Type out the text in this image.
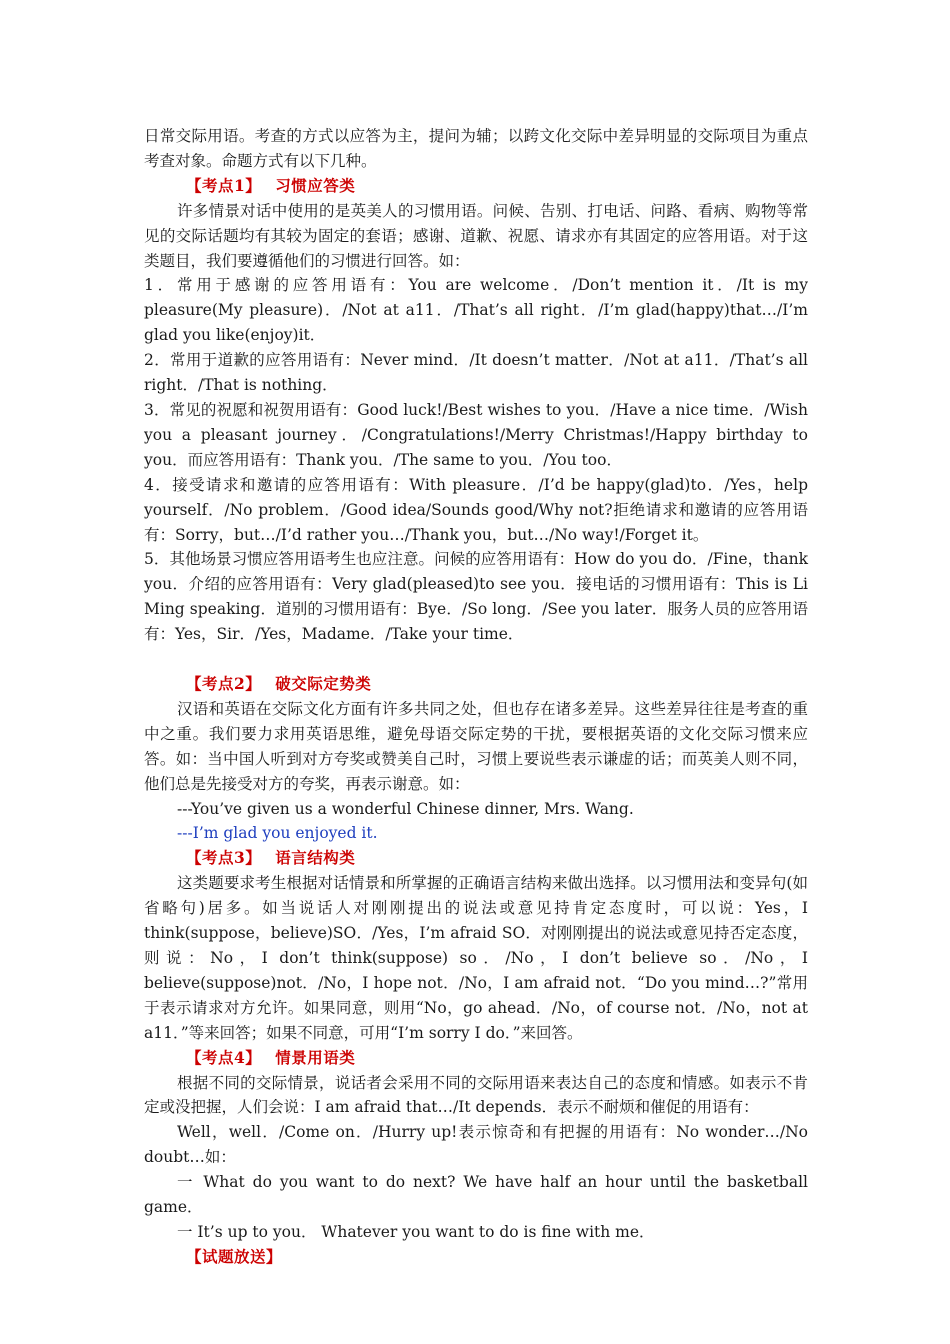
日常交际用语。考查的方式以应答为主，提问为辅；以跨文化交际中差异明显的交际项目为重点考查对象。命题方式有以下几种。

【考点1】 习惯应答类

许多情景对话中使用的是英美人的习惯用语。问候、告别、打电话、问路、看病、购物等常见的交际话题均有其较为固定的套语；感谢、道歉、祝愿、请求亦有其固定的应答用语。对于这类题目，我们要遵循他们的习惯进行回答。如：

1．常用于感谢的应答用语有：You are welcome．/Don’t mention it．/It is my pleasure(My pleasure)．/Not at a11．/That’s all right．/I’m glad(happy)that…/I’m glad you like(enjoy)it．

2．常用于道歉的应答用语有：Never mind．/It doesn’t matter．/Not at a11．/That’s all right．/That is nothing．

3．常见的祝愿和祝贺用语有：Good luck!/Best wishes to you．/Have a nice time．/Wish you a pleasant journey．/Congratulations!/Merry Christmas!/Happy birthday to you．而应答用语有：Thank you．/The same to you．/You too．

4．接受请求和邀请的应答用语有：With pleasure．/I’d be happy(glad)to．/Yes，help yourself．/No problem．/Good idea/Sounds good/Why not?拒绝请求和邀请的应答用语有：Sorry，but…/I’d rather you…/Thank you，but…/No way!/Forget it。

5．其他场景习惯应答用语考生也应注意。问候的应答用语有：How do you do．/Fine，thank you．介绍的应答用语有：Very glad(pleased)to see you．接电话的习惯用语有：This is Li Ming speaking．道别的习惯用语有：Bye．/So long．/See you later．服务人员的应答用语有：Yes，Sir．/Yes，Madame．/Take your time．

【考点2】 破交际定势类

汉语和英语在交际文化方面有许多共同之处，但也存在诸多差异。这些差异往往是考查的重中之重。我们要力求用英语思维，避免母语交际定势的干扰，要根据英语的文化交际习惯来应答。如：当中国人听到对方夸奖或赞美自己时，习惯上要说些表示谦虚的话；而英美人则不同，他们总是先接受对方的夸奖，再表示谢意。如：

---You’ve given us a wonderful Chinese dinner, Mrs. Wang.

---I’m glad you enjoyed it.

【考点3】 语言结构类

这类题要求考生根据对话情景和所掌握的正确语言结构来做出选择。以习惯用法和变异句(如省略句)居多。如当说话人对刚刚提出的说法或意见持肯定态度时，可以说：Yes，I think(suppose，believe)SO．/Yes，I’m afraid SO．对刚刚提出的说法或意见持否定态度，则说：No，I don’t think(suppose) so．/No，I don’t believe so．/No，I believe(suppose)not．/No，I hope not．/No，I am afraid not．“Do you mind…?”常用于表示请求对方允许。如果同意，则用“No，go ahead．/No，of course not．/No，not at a11．”等来回答；如果不同意，可用“I’m sorry I do．”来回答。

【考点4】 情景用语类

根据不同的交际情景，说话者会采用不同的交际用语来表达自己的态度和情感。如表示不肯定或没把握，人们会说：I am afraid that…/It depends．表示不耐烦和催促的用语有：

Well，well．/Come on．/Hurry up!表示惊奇和有把握的用语有：No wonder…/No doubt…如：

一 What do you want to do next? We have half an hour until the basketball game．

一 It’s up to you． Whatever you want to do is fine with me．

【试题放送】
